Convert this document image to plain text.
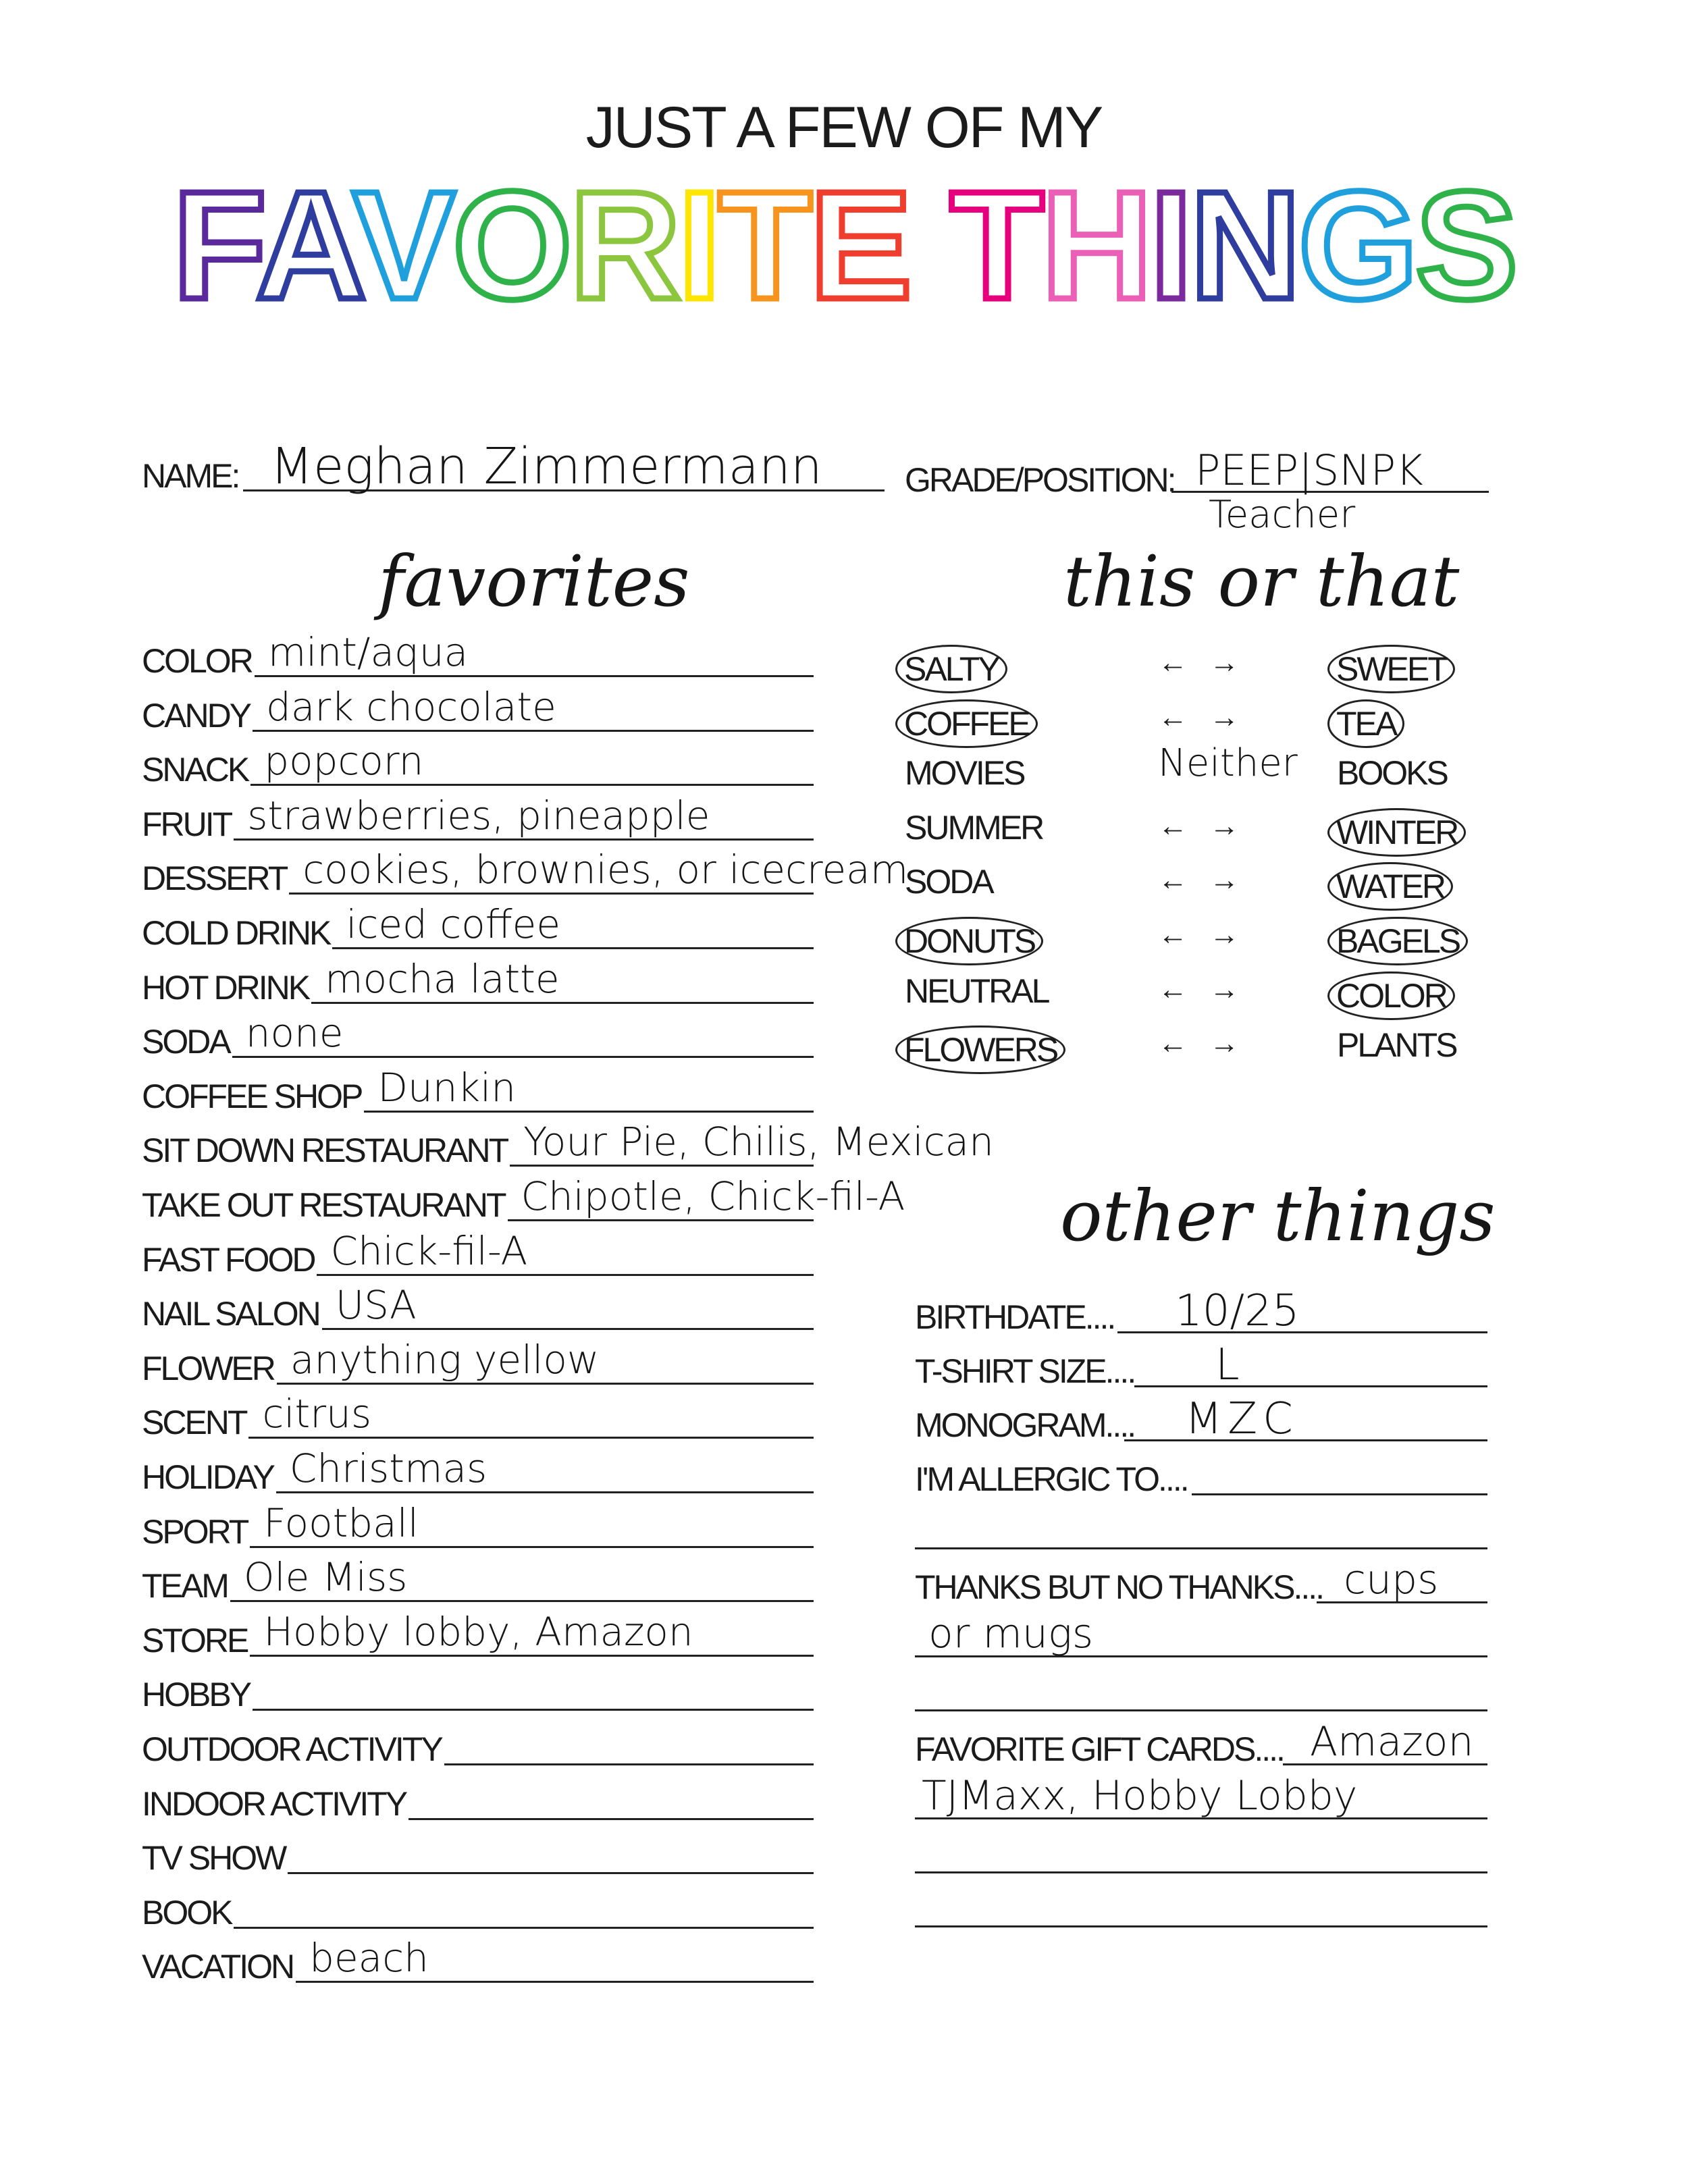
JUST A FEW OF MY
FAVORITE THINGS
NAME: Meghan Zimmermann GRADE/POSITION: PEEP|SNPK
Teacher
favorites	this or that
other things
COLOR mint/aqua
CANDY dark chocolate
SNACK popcorn
FRUIT strawberries, pineapple
DESSERT cookies, brownies, or icecream
COLD DRINK iced coffee
HOT DRINK mocha latte
SODA none
COFFEE SHOP Dunkin
SIT DOWN RESTAURANT Your Pie, Chilis, Mexican
TAKE OUT RESTAURANT Chipotle, Chick-fil-A
FAST FOOD Chick-fil-A
NAIL SALON USA
FLOWER anything yellow
SCENT citrus
HOLIDAY Christmas
SPORT Football
TEAM Ole Miss
STORE Hobby lobby, Amazon
HOBBY
OUTDOOR ACTIVITY
INDOOR ACTIVITY
TV SHOW
BOOK
VACATION beach
SALTY	← →	SWEET
COFFEE	← →	TEA
MOVIES	BOOKS
SUMMER	← →	WINTER
SODA	← →	WATER
DONUTS	← →	BAGELS
NEUTRAL	← →	COLOR
FLOWERS	← →	PLANTS
Neither
BIRTHDATE.... 10/25
T-SHIRT SIZE.... L
MONOGRAM.... MZC
I'M ALLERGIC TO....
THANKS BUT NO THANKS.... cups
or mugs
FAVORITE GIFT CARDS.... Amazon
TJMaxx, Hobby Lobby
